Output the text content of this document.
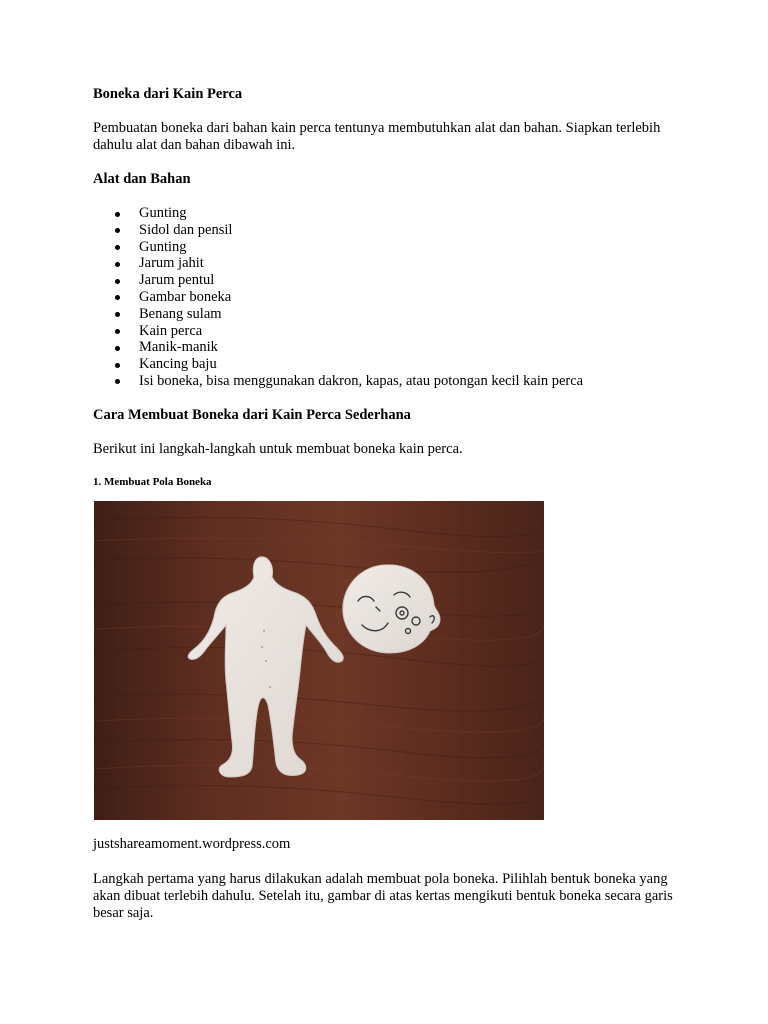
Boneka dari Kain Perca

Pembuatan boneka dari bahan kain perca tentunya membutuhkan alat dan bahan. Siapkan terlebih dahulu alat dan bahan dibawah ini.

Alat dan Bahan
Gunting
Sidol dan pensil
Gunting
Jarum jahit
Jarum pentul
Gambar boneka
Benang sulam
Kain perca
Manik-manik
Kancing baju
Isi boneka, bisa menggunakan dakron, kapas, atau potongan kecil kain perca
Cara Membuat Boneka dari Kain Perca Sederhana

Berikut ini langkah-langkah untuk membuat boneka kain perca.

1. Membuat Pola Boneka

justshareamoment.wordpress.com

Langkah pertama yang harus dilakukan adalah membuat pola boneka. Pilihlah bentuk boneka yang akan dibuat terlebih dahulu. Setelah itu, gambar di atas kertas mengikuti bentuk boneka secara garis besar saja.
